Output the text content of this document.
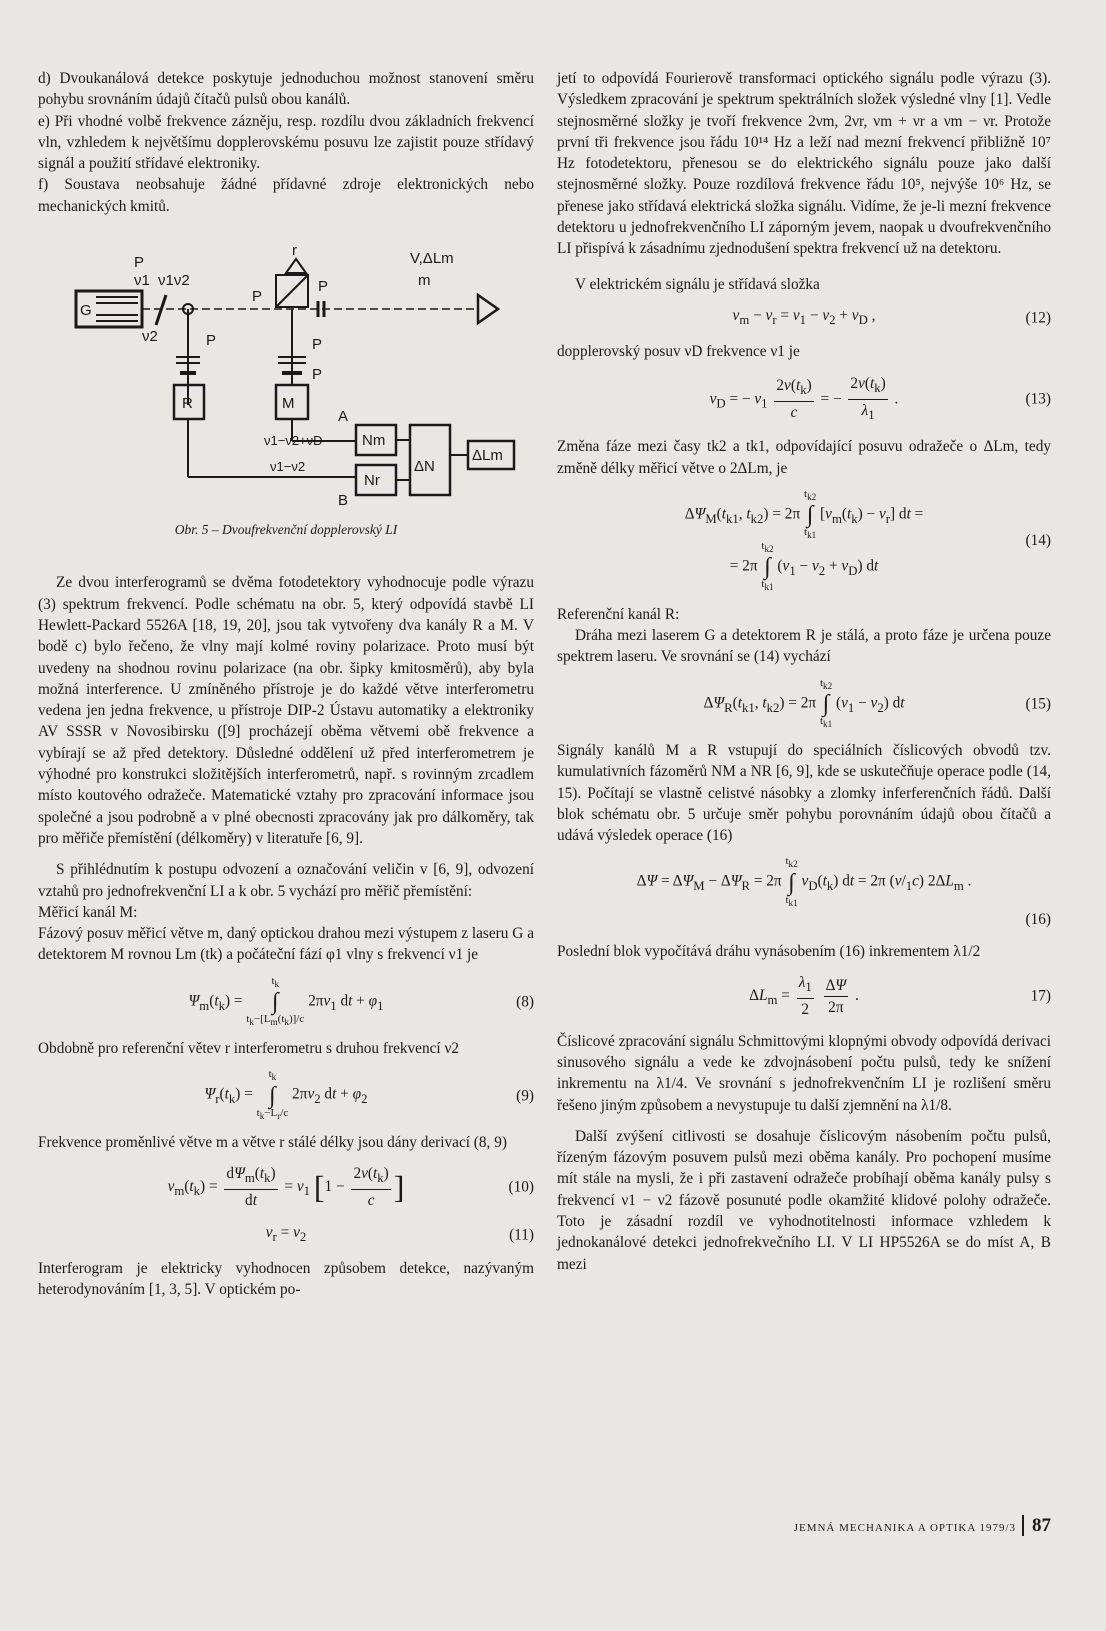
d) Dvoukanálová detekce poskytuje jednoduchou možnost stanovení směru pohybu srovnáním údajů čítačů pulsů obou kanálů.

e) Při vhodné volbě frekvence zázněju, resp. rozdílu dvou základních frekvencí vln, vzhledem k největšímu dopplerovskému posuvu lze zajistit pouze střídavý signál a použití střídavé elektroniky.

f) Soustava neobsahuje žádné přídavné zdroje elektronických nebo mechanických kmitů.

P
r	V,ΔLm
m
P
ν1 ν1ν2
G
P
P
ν2	P
R	M
P
A
ν1−ν2+νD	Nm
ΔN
ΔLm
ν1−ν2
Nr
B

Obr. 5 – Dvoufrekvenční dopplerovský LI

Ze dvou interferogramů se dvěma fotodetektory vyhodnocuje podle výrazu (3) spektrum frekvencí. Podle schématu na obr. 5, který odpovídá stavbě LI Hewlett-Packard 5526A [18, 19, 20], jsou tak vytvořeny dva kanály R a M. V bodě c) bylo řečeno, že vlny mají kolmé roviny polarizace. Proto musí být uvedeny na shodnou rovinu polarizace (na obr. šipky kmitosměrů), aby byla možná interference. U zmíněného přístroje je do každé větve interferometru vedena jen jedna frekvence, u přístroje DIP-2 Ústavu automatiky a elektroniky AV SSSR v Novosibirsku ([9] procházejí oběma větvemi obě frekvence a vybírají se až před detektory. Důsledné oddělení už před interferometrem je výhodné pro konstrukci složitějších interferometrů, např. s rovinným zrcadlem místo koutového odražeče. Matematické vztahy pro zpracování informace jsou společné a jsou podrobně a v plné obecnosti zpracovány jak pro dálkoměry, tak pro měřiče přemístění (délkoměry) v literatuře [6, 9].

S přihlédnutím k postupu odvození a označování veličin v [6, 9], odvození vztahů pro jednofrekvenční LI a k obr. 5 vychází pro měřič přemístění:

Měřicí kanál M:

Fázový posuv měřicí větve m, daný optickou drahou mezi výstupem z laseru G a detektorem M rovnou Lm (tk) a počáteční fází φ1 vlny s frekvencí ν1 je

$\Psi_m(t_k) = t_k$
∫
$t_k-[L_m(t_k)]/c$ $2\pi\nu_1$ dt + $\varphi_1$	(8)

Obdobně pro referenční větev r interferometru s druhou frekvencí ν2

$\Psi_r(t_k) = t_k$
∫
$t_k-L_r/c$ $2\pi\nu_2$ dt + $\varphi_2$	(9)

Frekvence proměnlivé větve m a větve r stálé délky jsou dány derivací (8, 9)

$\nu_m(t_k) = \frac{d\Psi_m(t_k)}{dt} = \nu_1$ [$1 - \frac{2v(t_k)}{c}$ ]	(10)
$\nu_r = \nu_2$	(11)

Interferogram je elektricky vyhodnocen způsobem detekce, nazývaným heterodynováním [1, 3, 5]. V optickém po-

jetí to odpovídá Fourierově transformaci optického signálu podle výrazu (3). Výsledkem zpracování je spektrum spektrálních složek výsledné vlny [1]. Vedle stejnosměrné složky je tvoří frekvence 2νm, 2νr, νm + νr a νm − νr. Protože první tři frekvence jsou řádu 10¹⁴ Hz a leží nad mezní frekvencí přibližně 10⁷ Hz fotodetektoru, přenesou se do elektrického signálu pouze jako další stejnosměrné složky. Pouze rozdílová frekvence řádu 10⁵, nejvýše 10⁶ Hz, se přenese jako střídavá elektrická složka signálu. Vidíme, že je-li mezní frekvence detektoru u jednofrekvenčního LI záporným jevem, naopak u dvoufrekvenčního LI přispívá k zásadnímu zjednodušení spektra frekvencí už na detektoru.

V elektrickém signálu je střídavá složka

$\nu_m - \nu_r = \nu_1 - \nu_2 + \nu_D$ ,	(12)

dopplerovský posuv νD frekvence ν1 je

$\nu_D$ = − $\nu_1 \frac{2v(t_k)}{c}$ = − $\frac{2v(t_k)}{\lambda_1}$ .	(13)

Změna fáze mezi časy tk2 a tk1, odpovídající posuvu odražeče o ΔLm, tedy změně délky měřicí větve o 2ΔLm, je

$\Delta\Psi_M(t_{k1}$, $t_{k2}) = 2\pi$ $t_{k2}$
∫
$t_{k1}$ $[\nu_m(t_k) - \nu_r]$ dt =
= 2π $t_{k2}$
∫
$t_{k1}$ $(\nu_1 - \nu_2 + \nu_D)$ dt
(14)

Referenční kanál R:

Dráha mezi laserem G a detektorem R je stálá, a proto fáze je určena pouze spektrem laseru. Ve srovnání se (14) vychází

$\Delta\Psi_R(t_{k1}$, $t_{k2}) = 2\pi$ $t_{k2}$
∫
$t_{k1}$ $(\nu_1 - \nu_2)$ dt	(15)

Signály kanálů M a R vstupují do speciálních číslicových obvodů tzv. kumulativních fázoměrů NM a NR [6, 9], kde se uskutečňuje operace podle (14, 15). Počítají se vlastně celistvé násobky a zlomky inferferenčních řádů. Další blok schématu obr. 5 určuje směr pohybu porovnáním údajů obou čítačů a udává výsledek operace (16)

$\Delta\Psi = \Delta\Psi_M - \Delta\Psi_R = 2\pi$ $t_{k2}$
∫
$t_{k1}$ $\nu_D(t_k)$ dt = 2π $(\nu/_1c)$ $2\Delta L_m$ .
(16)

Poslední blok vypočítává dráhu vynásobením (16) inkrementem λ1/2

$\Delta L_m = \frac{\lambda_1}{2}$
$\frac{\Delta\Psi}{2\pi}$ .	17)

Číslicové zpracování signálu Schmittovými klopnými obvody odpovídá derivaci sinusového signálu a vede ke zdvojnásobení počtu pulsů, tedy ke snížení inkrementu na λ1/4. Ve srovnání s jednofrekvenčním LI je rozlišení směru řešeno jiným způsobem a nevystupuje tu další zjemnění na λ1/8.

Další zvýšení citlivosti se dosahuje číslicovým násobením počtu pulsů, řízeným fázovým posuvem pulsů mezi oběma kanály. Pro pochopení musíme mít stále na mysli, že i při zastavení odražeče probíhají oběma kanály pulsy s frekvencí ν1 − ν2 fázově posunuté podle okamžité klidové polohy odražeče. Toto je zásadní rozdíl ve vyhodnotitelnosti informace vzhledem k jednokanálové detekci jednofrekvečního LI. V LI HP5526A se do míst A, B mezi

JEMNÁ MECHANIKA A OPTIKA 1979/3 87
